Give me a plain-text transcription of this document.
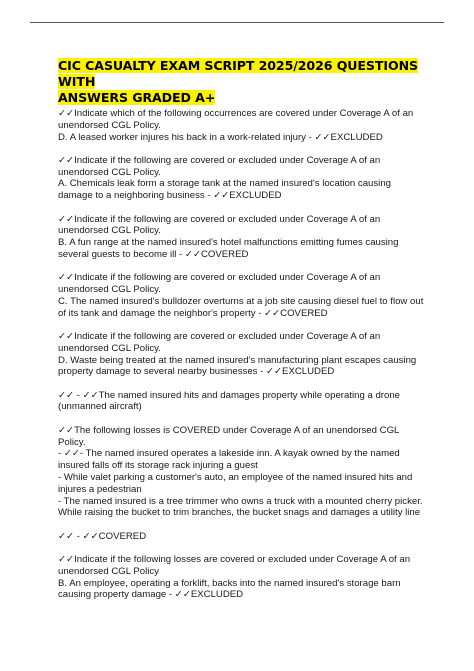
CIC CASUALTY EXAM SCRIPT 2025/2026 QUESTIONS WITH
ANSWERS GRADED A+

✓✓Indicate which of the following occurrences are covered under Coverage A of an unendorsed CGL Policy.

D. A leased worker injures his back in a work-related injury - ✓✓EXCLUDED

✓✓Indicate if the following are covered or excluded under Coverage A of an unendorsed CGL Policy.

A. Chemicals leak form a storage tank at the named insured's location causing damage to a neighboring business - ✓✓EXCLUDED

✓✓Indicate if the following are covered or excluded under Coverage A of an unendorsed CGL Policy.

B. A fun range at the named insured's hotel malfunctions emitting fumes causing several guests to become ill - ✓✓COVERED

✓✓Indicate if the following are covered or excluded under Coverage A of an unendorsed CGL Policy.

C. The named insured's bulldozer overturns at a job site causing diesel fuel to flow out of its tank and damage the neighbor's property - ✓✓COVERED

✓✓Indicate if the following are covered or excluded under Coverage A of an unendorsed CGL Policy.

D. Waste being treated at the named insured's manufacturing plant escapes causing property damage to several nearby businesses - ✓✓EXCLUDED

✓✓ - ✓✓The named insured hits and damages property while operating a drone (unmanned aircraft)

✓✓The following losses is COVERED under Coverage A of an unendorsed CGL Policy.

- ✓✓- The named insured operates a lakeside inn. A kayak owned by the named insured falls off its storage rack injuring a guest

- While valet parking a customer's auto, an employee of the named insured hits and injures a pedestrian

- The named insured is a tree trimmer who owns a truck with a mounted cherry picker. While raising the bucket to trim branches, the bucket snags and damages a utility line

✓✓ - ✓✓COVERED

✓✓Indicate if the following losses are covered or excluded under Coverage A of an unendorsed CGL Policy

B. An employee, operating a forklift, backs into the named insured's storage barn causing property damage - ✓✓EXCLUDED
